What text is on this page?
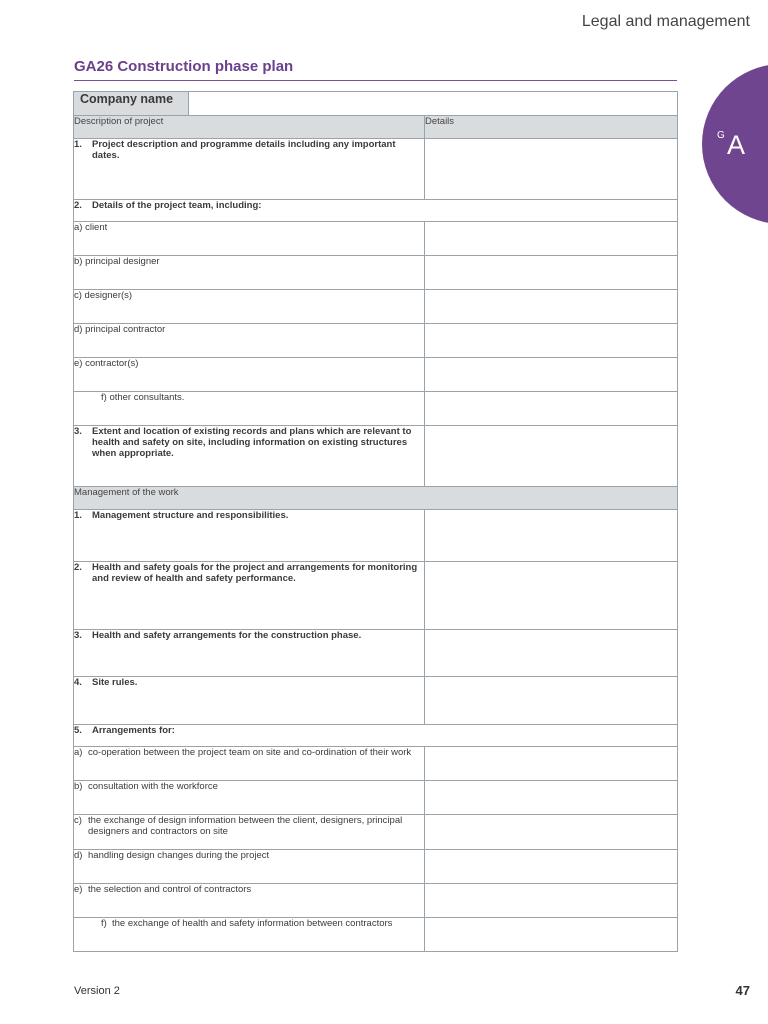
Legal and management
GA26 Construction phase plan
G A
Company name		
Description of project		Details

1. Project description and programme details including any important dates.		

2. Details of the project team, including:		

a) client		
b) principal designer		
c) designer(s)		
d) principal contractor		
e) contractor(s)		
f) other consultants.		

3. Extent and location of existing records and plans which are relevant to health and safety on site, including information on existing structures when appropriate.		

Management of the work		

1. Management structure and responsibilities.		

2. Health and safety goals for the project and arrangements for monitoring and review of health and safety performance.		

3. Health and safety arrangements for the construction phase.		

4. Site rules.		

5. Arrangements for:		

a) co-operation between the project team on site and co-ordination of their work		

b) consultation with the workforce		

c) the exchange of design information between the client, designers, principal designers and contractors on site		

d) handling design changes during the project		

e) the selection and control of contractors		

f) the exchange of health and safety information between contractors		

Version 2	47
